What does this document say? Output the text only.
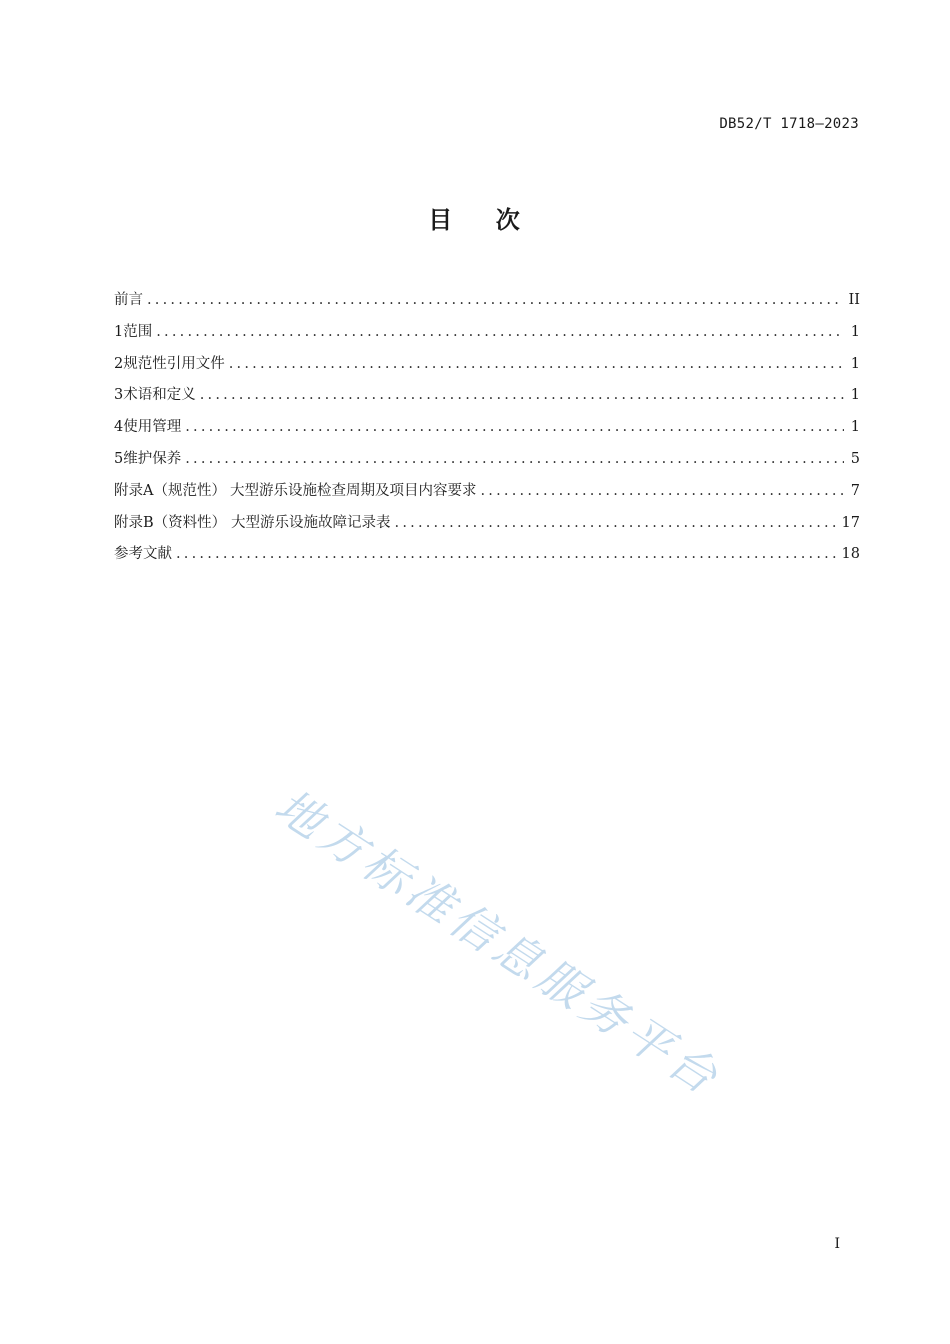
DB52/T 1718—2023
目    次
前言 .....	II
1 范围 .....	1
2 规范性引用文件 .....	1
3 术语和定义 .....	1
4 使用管理 .....	1
5 维护保养 .....	5
附录A（规范性） 大型游乐设施检查周期及项目内容要求 .....	7
附录B（资料性） 大型游乐设施故障记录表 .....	17
参考文献 .....	18
地方标准信息服务平台
I
